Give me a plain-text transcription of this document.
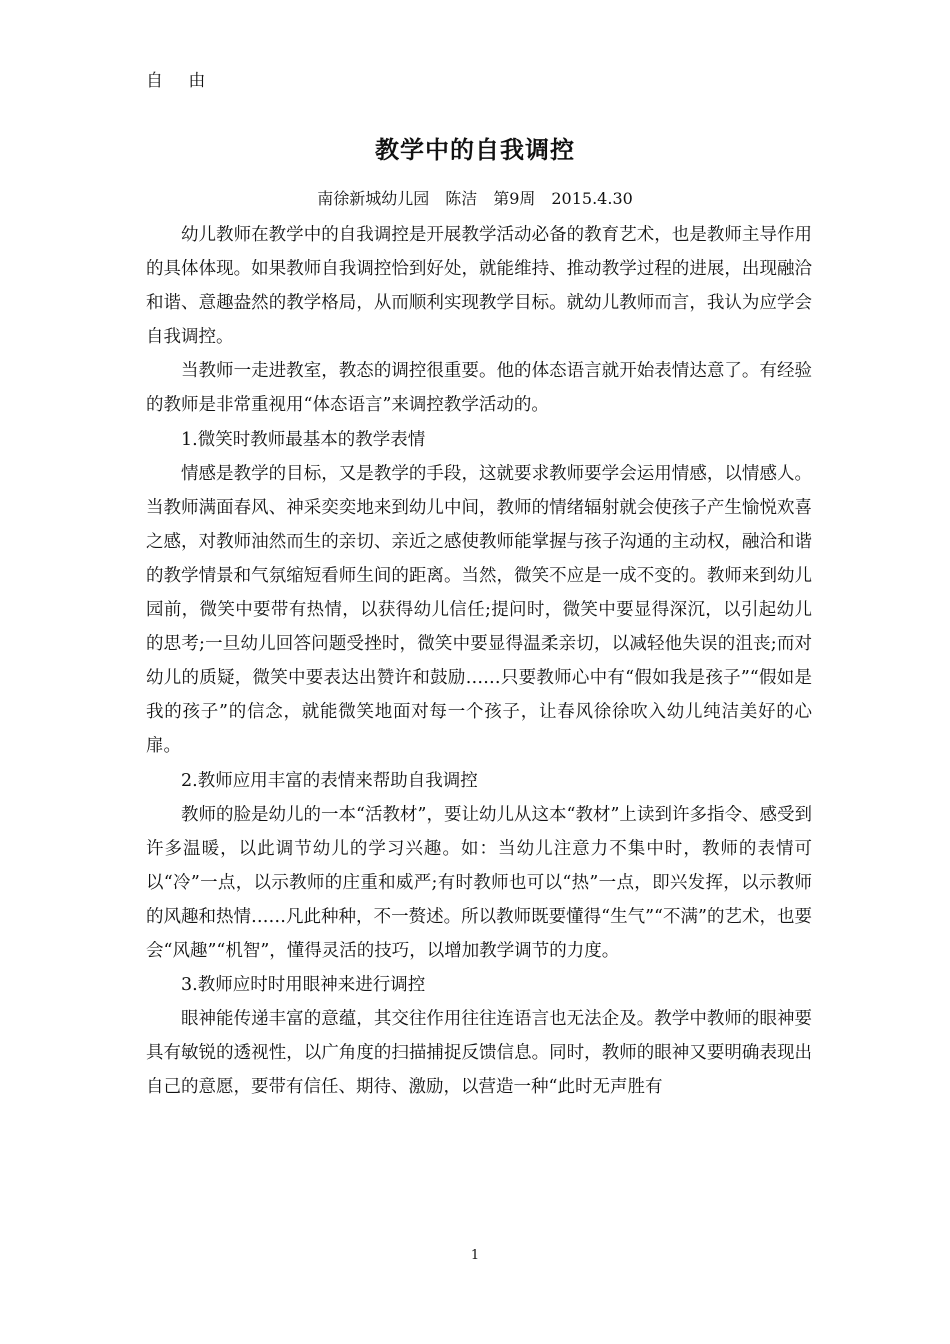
自 由
教学中的自我调控
南徐新城幼儿园　陈洁　第9周　2015.4.30

幼儿教师在教学中的自我调控是开展教学活动必备的教育艺术，也是教师主导作用的具体体现。如果教师自我调控恰到好处，就能维持、推动教学过程的进展，出现融洽和谐、意趣盎然的教学格局，从而顺利实现教学目标。就幼儿教师而言，我认为应学会自我调控。

当教师一走进教室，教态的调控很重要。他的体态语言就开始表情达意了。有经验的教师是非常重视用“体态语言”来调控教学活动的。

1.微笑时教师最基本的教学表情

情感是教学的目标，又是教学的手段，这就要求教师要学会运用情感，以情感人。当教师满面春风、神采奕奕地来到幼儿中间，教师的情绪辐射就会使孩子产生愉悦欢喜之感，对教师油然而生的亲切、亲近之感使教师能掌握与孩子沟通的主动权，融洽和谐的教学情景和气氛缩短看师生间的距离。当然，微笑不应是一成不变的。教师来到幼儿园前，微笑中要带有热情，以获得幼儿信任;提问时，微笑中要显得深沉，以引起幼儿的思考;一旦幼儿回答问题受挫时，微笑中要显得温柔亲切，以减轻他失误的沮丧;而对幼儿的质疑，微笑中要表达出赞许和鼓励……只要教师心中有“假如我是孩子”“假如是我的孩子”的信念，就能微笑地面对每一个孩子，让春风徐徐吹入幼儿纯洁美好的心扉。

2.教师应用丰富的表情来帮助自我调控

教师的脸是幼儿的一本“活教材”，要让幼儿从这本“教材”上读到许多指令、感受到许多温暖，以此调节幼儿的学习兴趣。如：当幼儿注意力不集中时，教师的表情可以“冷”一点，以示教师的庄重和威严;有时教师也可以“热”一点，即兴发挥，以示教师的风趣和热情……凡此种种，不一赘述。所以教师既要懂得“生气”“不满”的艺术，也要会“风趣”“机智”，懂得灵活的技巧，以增加教学调节的力度。

3.教师应时时用眼神来进行调控

眼神能传递丰富的意蕴，其交往作用往往连语言也无法企及。教学中教师的眼神要具有敏锐的透视性，以广角度的扫描捕捉反馈信息。同时，教师的眼神又要明确表现出自己的意愿，要带有信任、期待、激励，以营造一种“此时无声胜有

1
